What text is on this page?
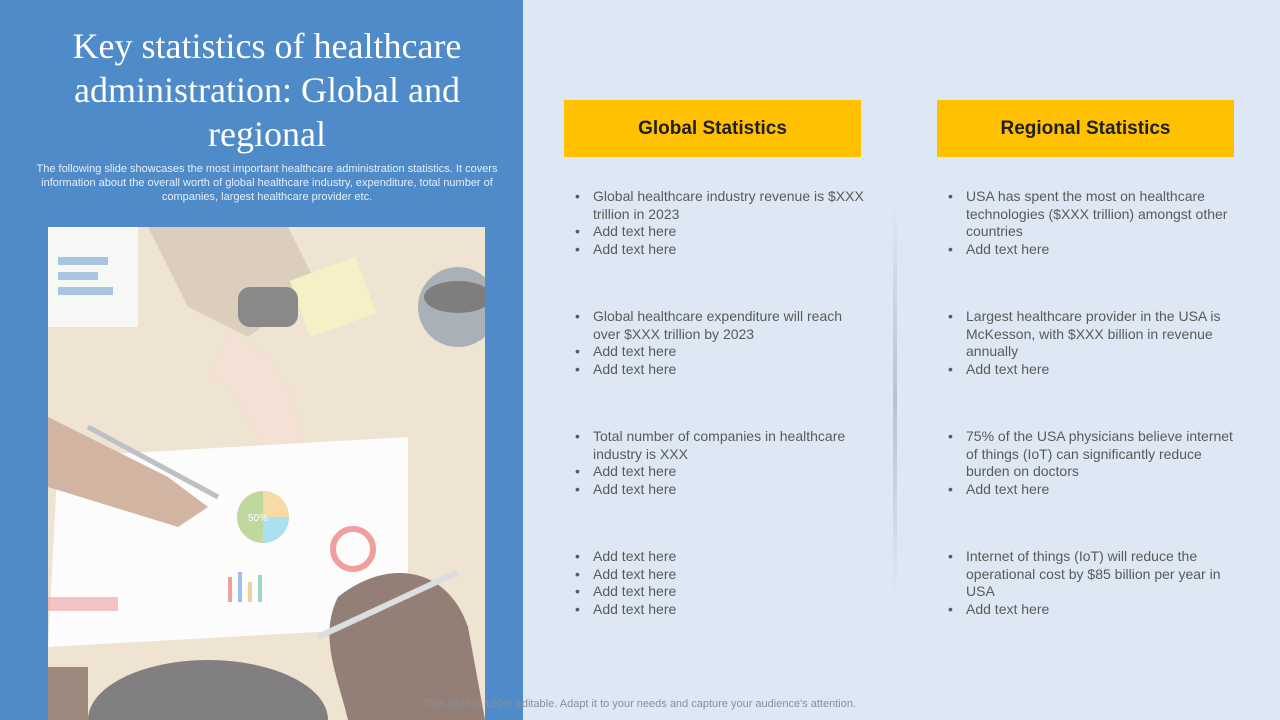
Key statistics of healthcare administration: Global and regional

The following slide showcases the most important healthcare administration statistics. It covers information about the overall worth of global healthcare industry, expenditure, total number of companies, largest healthcare provider etc.

50%
Global Statistics	Regional Statistics
• Global healthcare industry revenue is $XXX trillion in 2023
• Add text here
• Add text here
• Global healthcare expenditure will reach over $XXX trillion by 2023
• Add text here
• Add text here
• Total number of companies in healthcare industry is XXX
• Add text here
• Add text here
• Add text here
• Add text here
• Add text here
• Add text here
• USA has spent the most on healthcare technologies ($XXX trillion) amongst other countries
• Add text here
• Largest healthcare provider in the USA is McKesson, with $XXX billion in revenue annually
• Add text here
• 75% of the USA physicians believe internet of things (IoT) can significantly reduce burden on doctors
• Add text here
• Internet of things (IoT) will reduce the operational cost by $85 billion per year in USA
• Add text here
This slide is 100% editable. Adapt it to your needs and capture your audience's attention.
